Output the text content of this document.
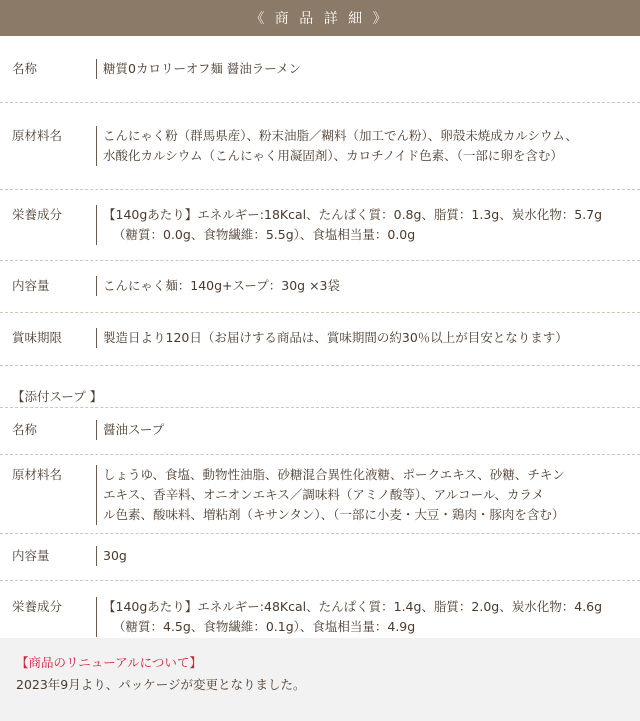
《 商 品 詳 細 》
名称	糖質0カロリーオフ麺 醤油ラーメン
原材料名	こんにゃく粉（群馬県産）、粉末油脂／糊料（加工でん粉）、卵殻未焼成カルシウム、
水酸化カルシウム（こんにゃく用凝固剤）、カロチノイド色素、（一部に卵を含む）
栄養成分	【140gあたり】エネルギー:18Kcal、たんぱく質：0.8g、脂質：1.3g、炭水化物：5.7g
（糖質：0.0g、食物繊維：5.5g）、食塩相当量：0.0g
内容量	こんにゃく麺：140g+スープ：30g ×3袋
賞味期限	製造日より120日（お届けする商品は、賞味期間の約30％以上が目安となります）
【添付スープ 】
名称	醤油スープ
原材料名	しょうゆ、食塩、動物性油脂、砂糖混合異性化液糖、ポークエキス、砂糖、チキン
エキス、香辛料、オニオンエキス／調味料（アミノ酸等）、アルコール、カラメ
ル色素、酸味料、増粘剤（キサンタン）、（一部に小麦・大豆・鶏肉・豚肉を含む）
内容量	30g
栄養成分	【140gあたり】エネルギー:48Kcal、たんぱく質：1.4g、脂質：2.0g、炭水化物：4.6g
（糖質：4.5g、食物繊維：0.1g）、食塩相当量：4.9g
【商品のリニューアルについて】
2023年9月より、パッケージが変更となりました。
